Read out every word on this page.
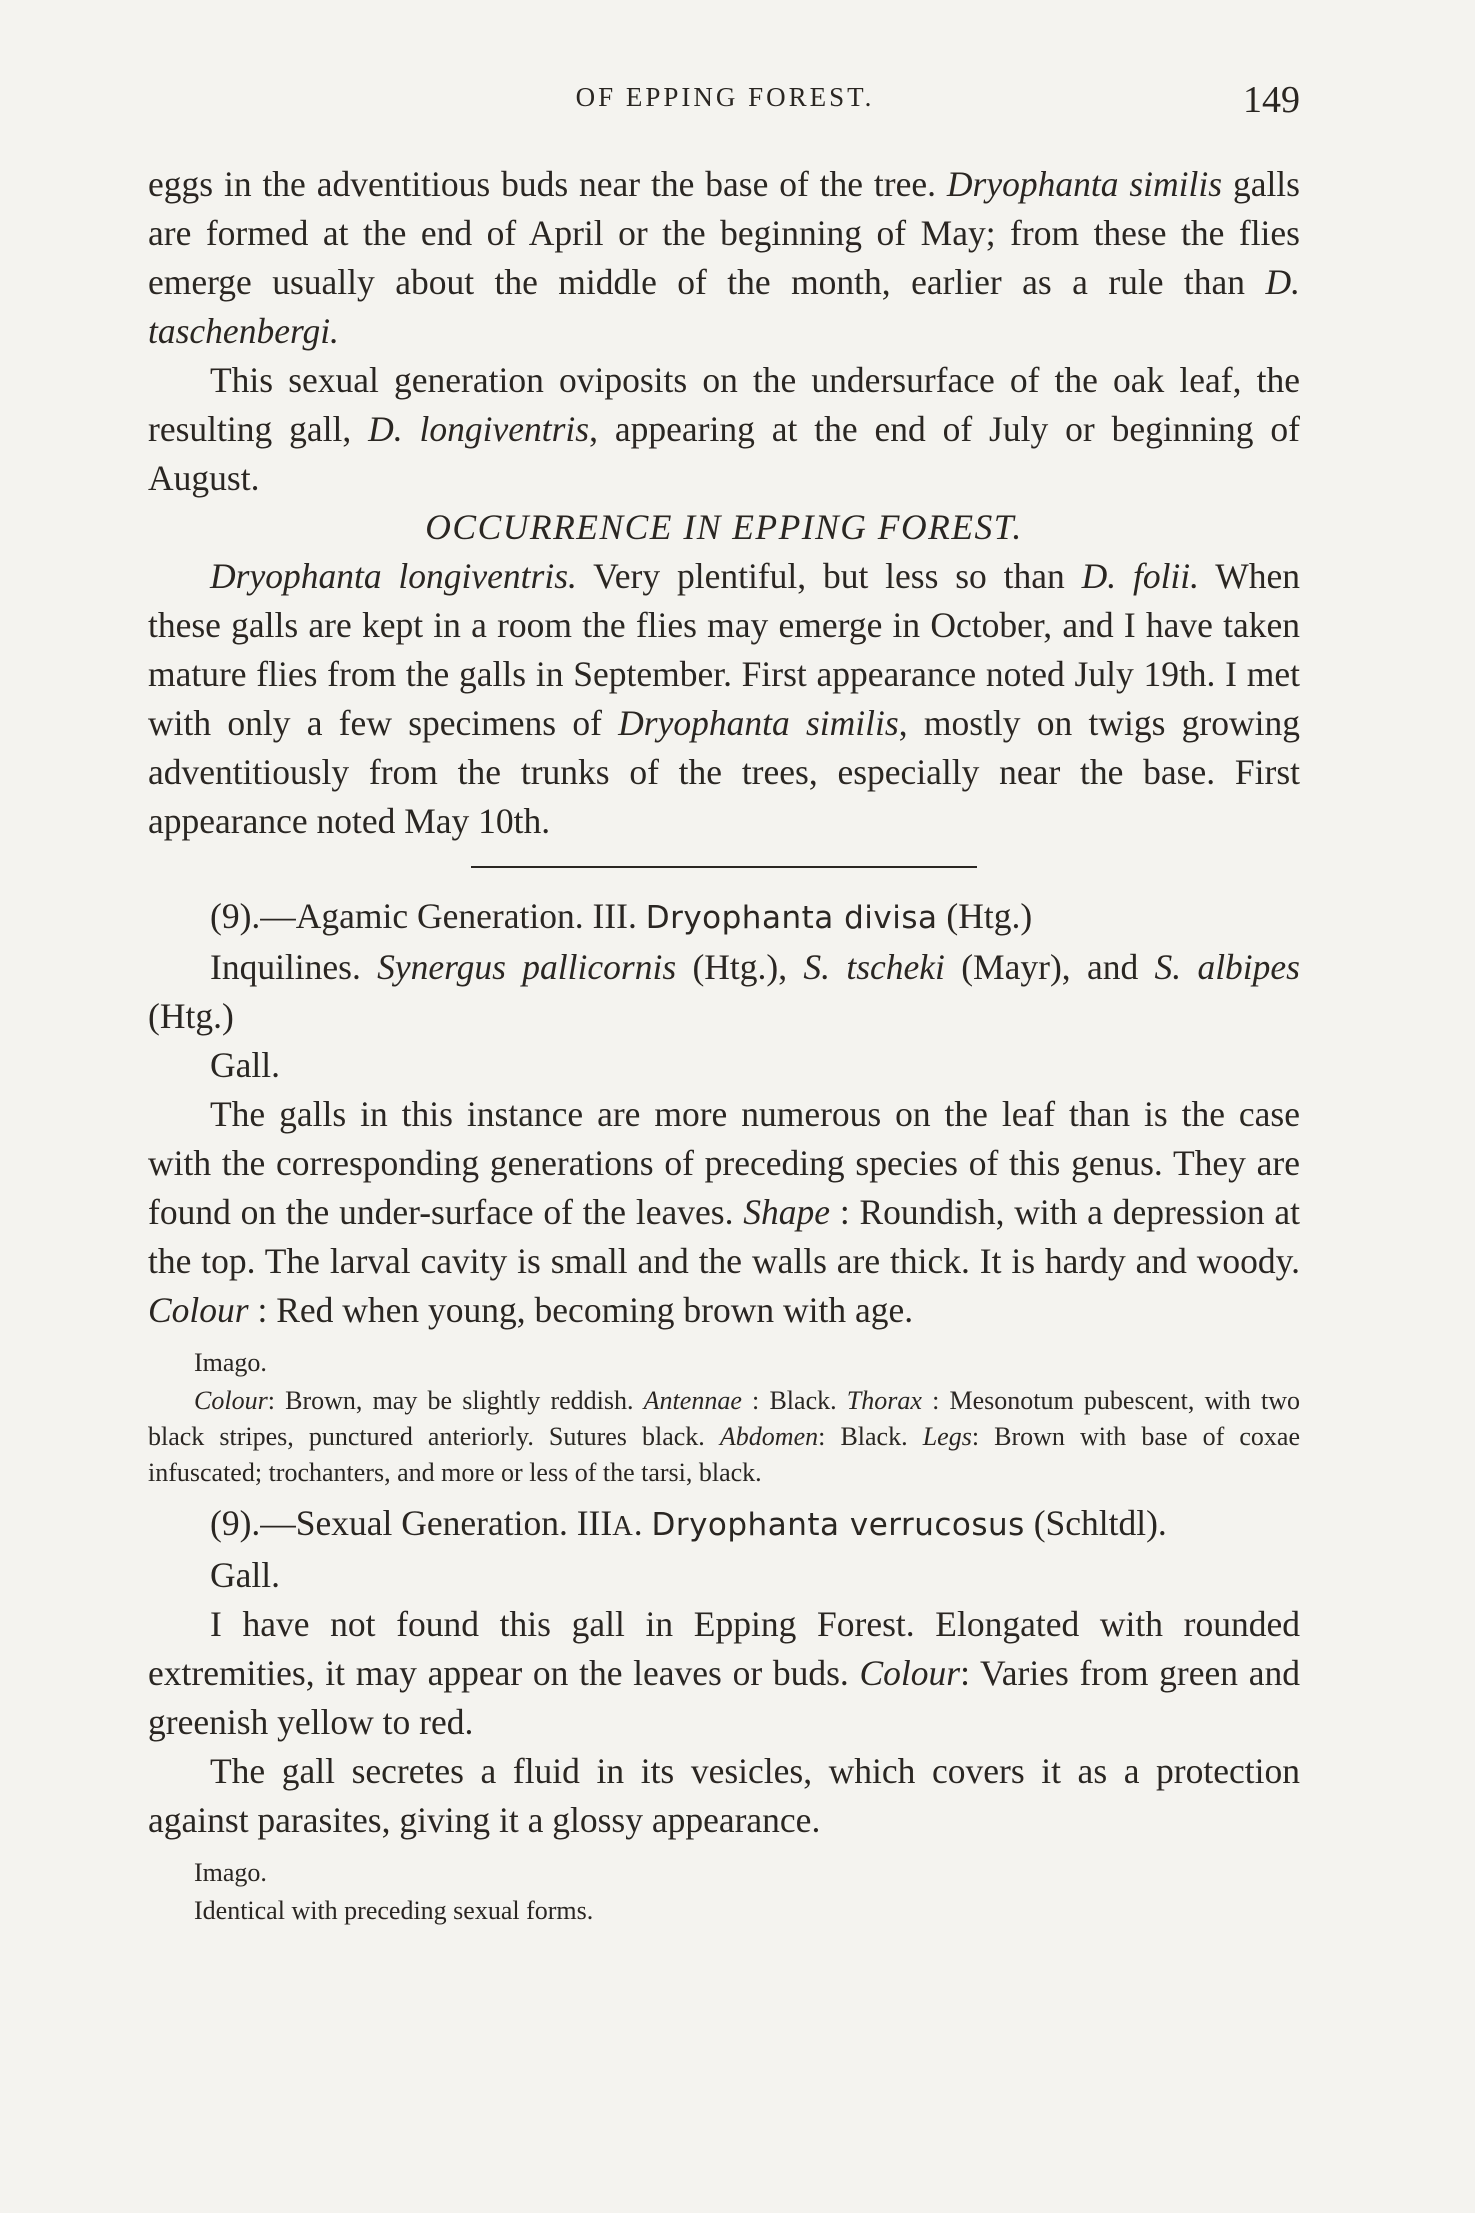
OF EPPING FOREST.	149

eggs in the adventitious buds near the base of the tree. Dryophanta similis galls are formed at the end of April or the beginning of May; from these the flies emerge usually about the middle of the month, earlier as a rule than D. taschenbergi.

This sexual generation oviposits on the undersurface of the oak leaf, the resulting gall, D. longiventris, appearing at the end of July or beginning of August.

OCCURRENCE IN EPPING FOREST.

Dryophanta longiventris. Very plentiful, but less so than D. folii. When these galls are kept in a room the flies may emerge in October, and I have taken mature flies from the galls in September. First appearance noted July 19th. I met with only a few specimens of Dryophanta similis, mostly on twigs growing adventitiously from the trunks of the trees, especially near the base. First appearance noted May 10th.

(9).—Agamic Generation. III. Dryophanta divisa (Htg.)

Inquilines. Synergus pallicornis (Htg.), S. tscheki (Mayr), and S. albipes (Htg.)

Gall.

The galls in this instance are more numerous on the leaf than is the case with the corresponding generations of preceding species of this genus. They are found on the under-surface of the leaves. Shape : Roundish, with a depression at the top. The larval cavity is small and the walls are thick. It is hardy and woody. Colour : Red when young, becoming brown with age.

Imago.

Colour: Brown, may be slightly reddish. Antennae : Black. Thorax : Mesonotum pubescent, with two black stripes, punctured anteriorly. Sutures black. Abdomen: Black. Legs: Brown with base of coxae infuscated; trochanters, and more or less of the tarsi, black.

(9).—Sexual Generation. IIIA. Dryophanta verrucosus (Schltdl).

Gall.

I have not found this gall in Epping Forest. Elongated with rounded extremities, it may appear on the leaves or buds. Colour: Varies from green and greenish yellow to red.

The gall secretes a fluid in its vesicles, which covers it as a protection against parasites, giving it a glossy appearance.

Imago.

Identical with preceding sexual forms.
